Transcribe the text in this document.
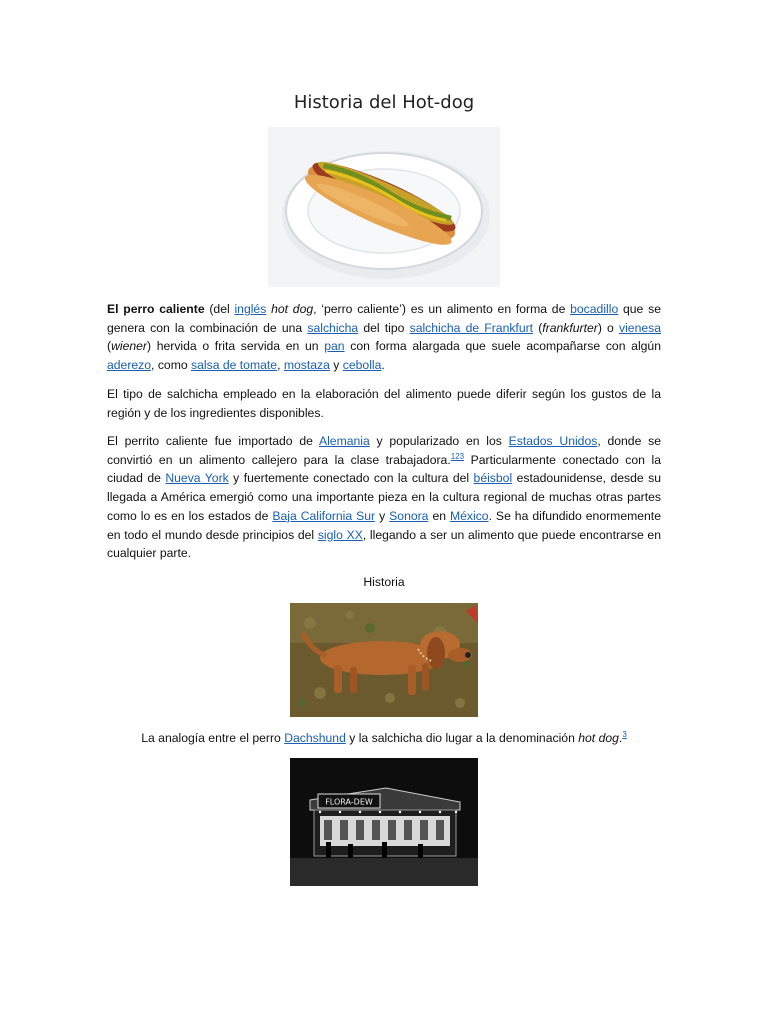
Historia del Hot-dog

El perro caliente (del inglés hot dog, ‘perro caliente’) es un alimento en forma de bocadillo que se genera con la combinación de una salchicha del tipo salchicha de Frankfurt (frankfurter) o vienesa (wiener) hervida o frita servida en un pan con forma alargada que suele acompañarse con algún aderezo, como salsa de tomate, mostaza y cebolla.

El tipo de salchicha empleado en la elaboración del alimento puede diferir según los gustos de la región y de los ingredientes disponibles.

El perrito caliente fue importado de Alemania y popularizado en los Estados Unidos, donde se convirtió en un alimento callejero para la clase trabajadora.$^{123}$ Particularmente conectado con la ciudad de Nueva York y fuertemente conectado con la cultura del béisbol estadounidense, desde su llegada a América emergió como una importante pieza en la cultura regional de muchas otras partes como lo es en los estados de Baja California Sur y Sonora en México. Se ha difundido enormemente en todo el mundo desde principios del siglo XX, llegando a ser un alimento que puede encontrarse en cualquier parte.

Historia
La analogía entre el perro Dachshund y la salchicha dio lugar a la denominación hot dog.$^3$
FLORA-DEW
